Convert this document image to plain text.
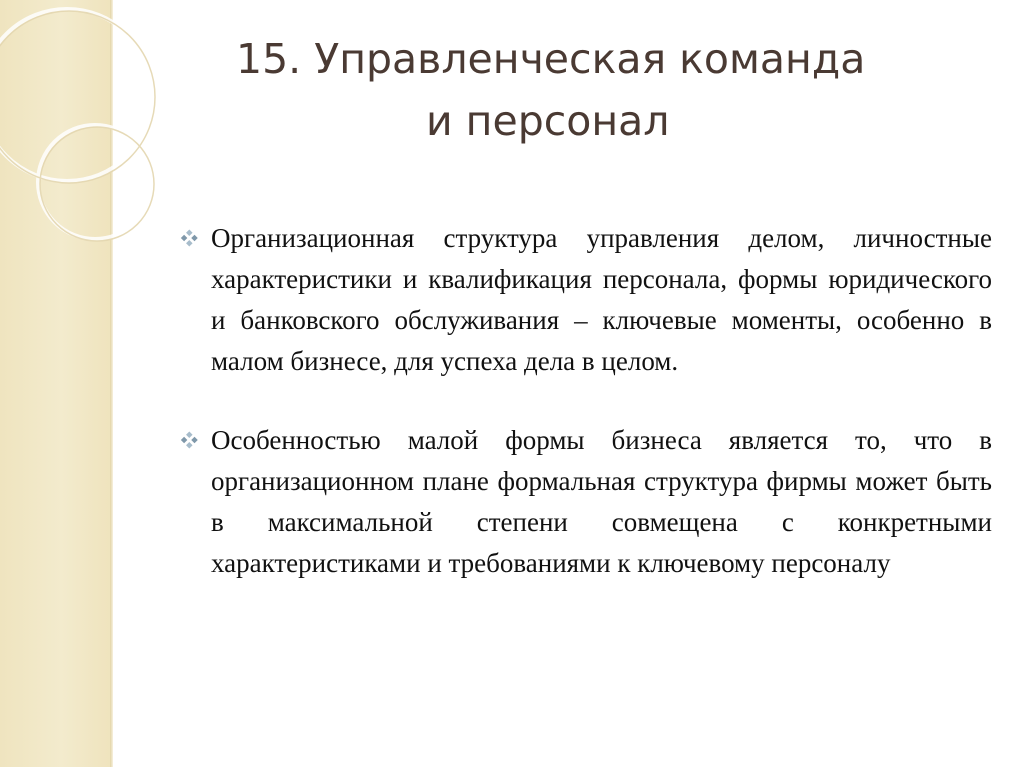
15. Управленческая команда
и персонал

Организационная структура управления делом, личностные характеристики и квалификация персонала, формы юридического и банковского обслуживания – ключевые моменты, особенно в малом бизнесе, для успеха дела в целом.

Особенностью малой формы бизнеса является то, что в организационном плане формальная структура фирмы может быть в максимальной степени совмещена с конкретными характеристиками и требованиями к ключевому персоналу
